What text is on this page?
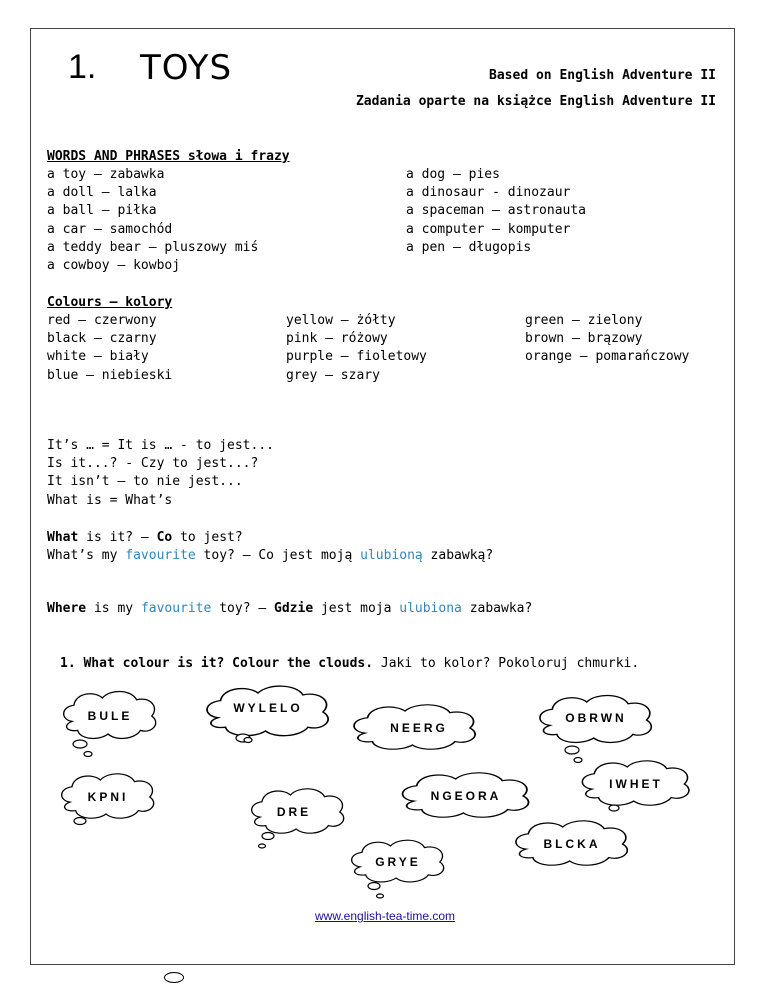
1. TOYS	Based on English Adventure II
Zadania oparte na książce English Adventure II
WORDS AND PHRASES słowa i frazy
a toy – zabawka
a doll – lalka
a ball – piłka
a car – samochód
a teddy bear – pluszowy miś
a cowboy – kowboj
a dog – pies
a dinosaur - dinozaur
a spaceman – astronauta
a computer – komputer
a pen – długopis
Colours – kolory
red – czerwony
black – czarny
white – biały
blue – niebieski
yellow – żółty
pink – różowy
purple – fioletowy
grey – szary
green – zielony
brown – brązowy
orange – pomarańczowy
It’s … = It is … - to jest...
Is it...? - Czy to jest...?
It isn’t – to nie jest...
What is = What’s
What is it? – Co to jest?
What’s my favourite toy? – Co jest moją ulubioną zabawką?
Where is my favourite toy? – Gdzie jest moja ulubiona zabawka?
1. What colour is it? Colour the clouds. Jaki to kolor? Pokoloruj chmurki.
BULE
WYLELO
NEERG
OBRWN
KPNI
DRE
NGEORA
IWHET
BLCKA
GRYE
www.english-tea-time.com
